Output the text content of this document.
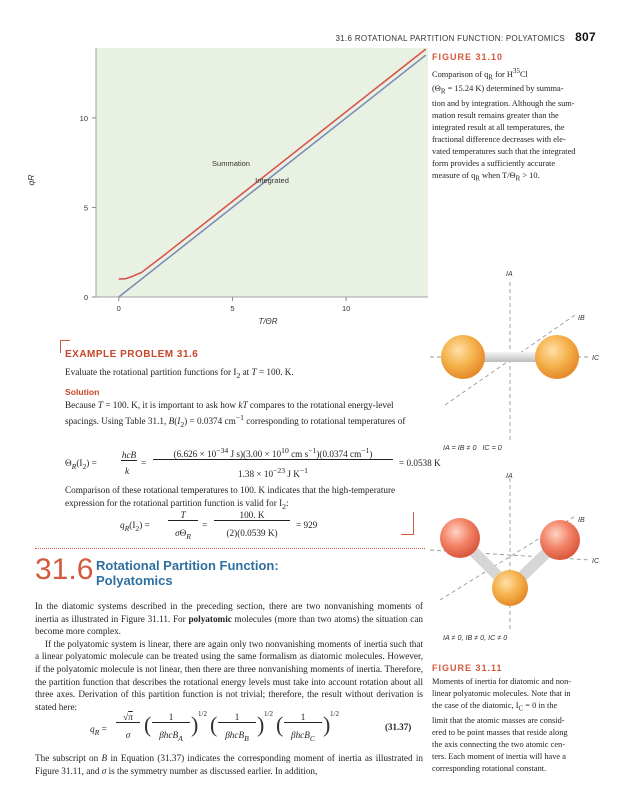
31.6 ROTATIONAL PARTITION FUNCTION: POLYATOMICS 807
0	5	10
0
5
10
Summation
Integrated
qR
T/ΘR
FIGURE 31.10
Comparison of $q_R$ for $H^{35}Cl$
($\Theta_R = 15.24$ K) determined by summa-
tion and by integration. Although the sum-
mation result remains greater than the
integrated result at all temperatures, the
fractional difference decreases with ele-
vated temperatures such that the integrated
form provides a sufficiently accurate
measure of $q_R$ when $T/\Theta_R > 10$.
IA
IB
IC
IA = IB ≠ 0   IC = 0
IA
IB
IC
IA ≠ 0, IB ≠ 0, IC ≠ 0
FIGURE 31.11
Moments of inertia for diatomic and non-
linear polyatomic molecules. Note that in
the case of the diatomic, $I_C = 0$ in the
limit that the atomic masses are consid-
ered to be point masses that reside along
the axis connecting the two atomic cen-
ters. Each moment of inertia will have a
corresponding rotational constant.
EXAMPLE PROBLEM 31.6
Evaluate the rotational partition functions for $I_2$ at T = 100. K.
Solution
Because T = 100. K, it is important to ask how kT compares to the rotational energy-level spacings. Using Table 31.1, $B(I_2) = 0.0374$ $cm^{-1}$ corresponding to rotational temperatures of
$\Theta_R(I_2)$ =
hcB
k
=
($6.626 \times 10^{-34}$ J $s)(3.00 \times 10^{10}$ cm $s^{-1})(0.0374$ $cm^{-1}$)
$1.38 \times 10^{-23}$ J $K^{-1}$
= 0.0538 K
Comparison of these rotational temperatures to 100. K indicates that the high-temperature expression for the rotational partition function is valid for $I_2$:
$q_R(I_2)$ =
T
$\sigma\Theta_R$
=
100. K
(2)(0.0539 K)
= 929
31.6 Rotational Partition Function:
Polyatomics
In the diatomic systems described in the preceding section, there are two nonvanishing moments of inertia as illustrated in Figure 31.11. For polyatomic molecules (more than two atoms) the situation can become more complex.
If the polyatomic system is linear, there are again only two nonvanishing moments of inertia such that a linear polyatomic molecule can be treated using the same formalism as diatomic molecules. However, if the polyatomic molecule is not linear, then there are three nonvanishing moments of inertia. Therefore, the partition function that describes the rotational energy levels must take into account rotation about all three axes. Derivation of this partition function is not trivial; therefore, the result without derivation is stated here:
$q_R$ =
√π
σ (	1
βhcB$_A$
) 1/2 (	1
βhcB$_B$
) 1/2 (	1
βhcB$_C$
) 1/2
(31.37)
The subscript on B in Equation (31.37) indicates the corresponding moment of inertia as illustrated in Figure 31.11, and σ is the symmetry number as discussed earlier. In addition,
